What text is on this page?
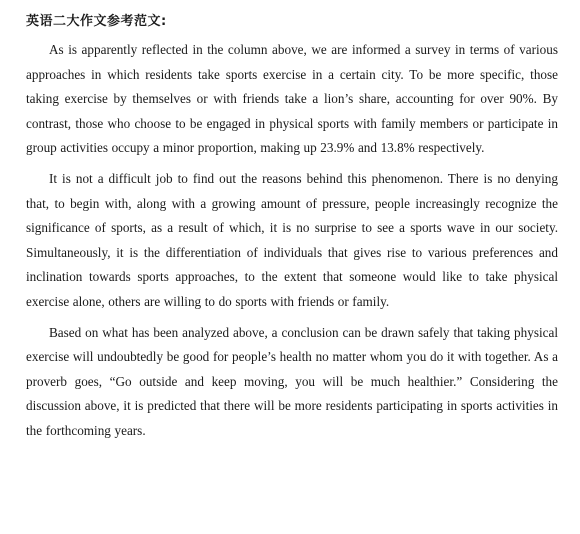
英语二大作文参考范文:

As is apparently reflected in the column above, we are informed a survey in terms of various approaches in which residents take sports exercise in a certain city. To be more specific, those taking exercise by themselves or with friends take a lion’s share, accounting for over 90%. By contrast, those who choose to be engaged in physical sports with family members or participate in group activities occupy a minor proportion, making up 23.9% and 13.8% respectively.

It is not a difficult job to find out the reasons behind this phenomenon. There is no denying that, to begin with, along with a growing amount of pressure, people increasingly recognize the significance of sports, as a result of which, it is no surprise to see a sports wave in our society. Simultaneously, it is the differentiation of individuals that gives rise to various preferences and inclination towards sports approaches, to the extent that someone would like to take physical exercise alone, others are willing to do sports with friends or family.

Based on what has been analyzed above, a conclusion can be drawn safely that taking physical exercise will undoubtedly be good for people’s health no matter whom you do it with together. As a proverb goes, “Go outside and keep moving, you will be much healthier.” Considering the discussion above, it is predicted that there will be more residents participating in sports activities in the forthcoming years.
